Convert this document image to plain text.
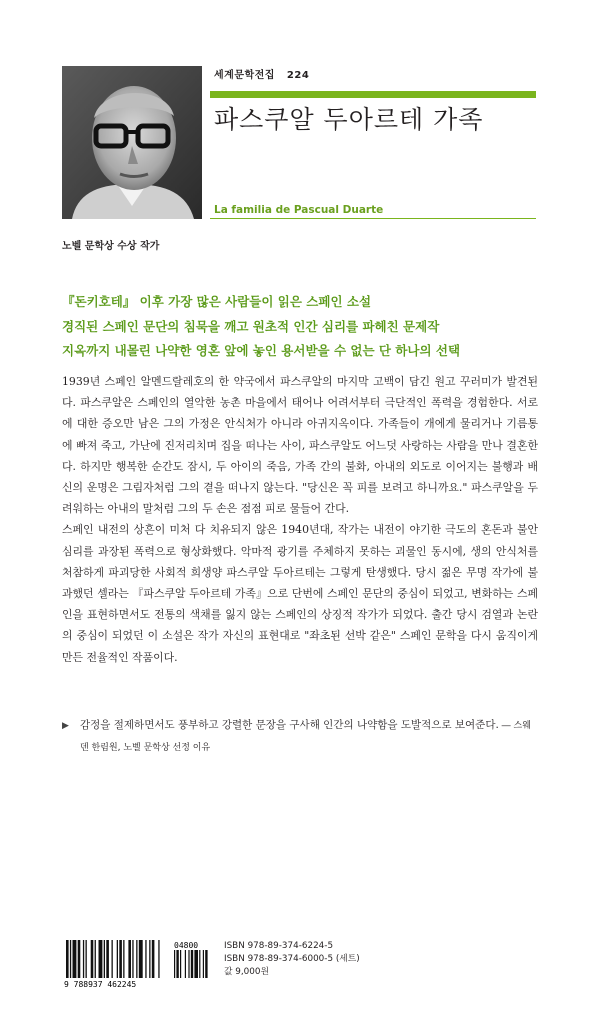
세계문학전집 224
파스쿠알 두아르테 가족
La familia de Pascual Duarte
노벨 문학상 수상 작가
『돈키호테』 이후 가장 많은 사람들이 읽은 스페인 소설
경직된 스페인 문단의 침묵을 깨고 원초적 인간 심리를 파헤친 문제작
지옥까지 내몰린 나약한 영혼 앞에 놓인 용서받을 수 없는 단 하나의 선택

1939년 스페인 알멘드랄레호의 한 약국에서 파스쿠알의 마지막 고백이 담긴 원고 꾸러미가 발견된다. 파스쿠알은 스페인의 열악한 농촌 마을에서 태어나 어려서부터 극단적인 폭력을 경험한다. 서로에 대한 증오만 남은 그의 가정은 안식처가 아니라 아귀지옥이다. 가족들이 개에게 물리거나 기름통에 빠져 죽고, 가난에 진저리치며 집을 떠나는 사이, 파스쿠알도 어느덧 사랑하는 사람을 만나 결혼한다. 하지만 행복한 순간도 잠시, 두 아이의 죽음, 가족 간의 불화, 아내의 외도로 이어지는 불행과 배신의 운명은 그림자처럼 그의 곁을 떠나지 않는다. "당신은 꼭 피를 보려고 하니까요." 파스쿠알을 두려워하는 아내의 말처럼 그의 두 손은 점점 피로 물들어 간다.

스페인 내전의 상흔이 미처 다 치유되지 않은 1940년대, 작가는 내전이 야기한 극도의 혼돈과 불안 심리를 과장된 폭력으로 형상화했다. 악마적 광기를 주체하지 못하는 괴물인 동시에, 생의 안식처를 처참하게 파괴당한 사회적 희생양 파스쿠알 두아르테는 그렇게 탄생했다. 당시 젊은 무명 작가에 불과했던 셀라는 『파스쿠알 두아르테 가족』으로 단번에 스페인 문단의 중심이 되었고, 변화하는 스페인을 표현하면서도 전통의 색채를 잃지 않는 스페인의 상징적 작가가 되었다. 출간 당시 검열과 논란의 중심이 되었던 이 소설은 작가 자신의 표현대로 "좌초된 선박 같은" 스페인 문학을 다시 움직이게 만든 전율적인 작품이다.

▶ 감정을 절제하면서도 풍부하고 강렬한 문장을 구사해 인간의 나약함을 도발적으로 보여준다. ― 스웨덴 한림원, 노벨 문학상 선정 이유
9 788937 462245
04800	ISBN 978-89-374-6224-5
ISBN 978-89-374-6000-5 (세트)
값 9,000원
